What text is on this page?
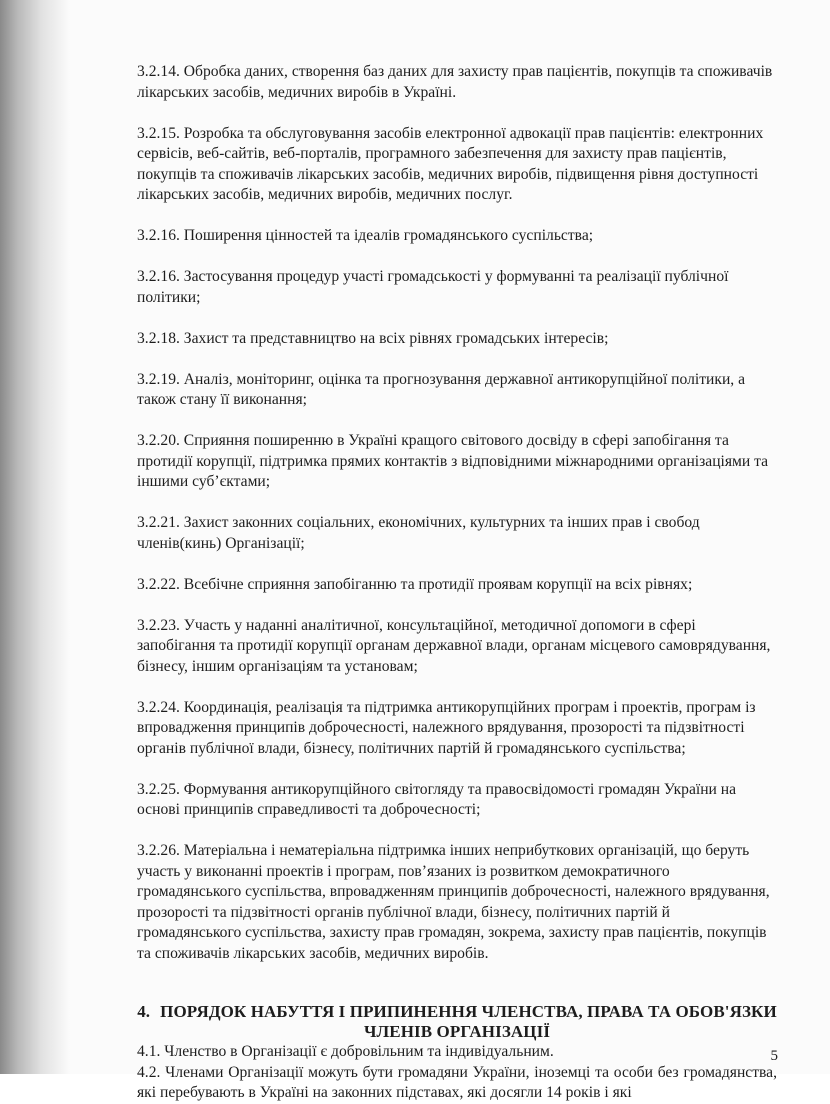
3.2.14. Обробка даних, створення баз даних для захисту прав пацієнтів, покупців та споживачів лікарських засобів, медичних виробів в Україні.

3.2.15. Розробка та обслуговування засобів електронної адвокації прав пацієнтів: електронних сервісів, веб-сайтів, веб-порталів, програмного забезпечення для захисту прав пацієнтів, покупців та споживачів лікарських засобів, медичних виробів, підвищення рівня доступності лікарських засобів, медичних виробів, медичних послуг.

3.2.16. Поширення цінностей та ідеалів громадянського суспільства;

3.2.16. Застосування процедур участі громадськості у формуванні та реалізації публічної політики;

3.2.18. Захист та представництво на всіх рівнях громадських інтересів;

3.2.19. Аналіз, моніторинг, оцінка та прогнозування державної антикорупційної політики, а також стану її виконання;

3.2.20. Сприяння поширенню в Україні кращого світового досвіду в сфері запобігання та протидії корупції, підтримка прямих контактів з відповідними міжнародними організаціями та іншими суб’єктами;

3.2.21. Захист законних соціальних, економічних, культурних та інших прав і свобод членів(кинь) Організації;

3.2.22. Всебічне сприяння запобіганню та протидії проявам корупції на всіх рівнях;

3.2.23. Участь у наданні аналітичної, консультаційної, методичної допомоги в сфері запобігання та протидії корупції органам державної влади, органам місцевого самоврядування, бізнесу, іншим організаціям та установам;

3.2.24. Координація, реалізація та підтримка антикорупційних програм і проектів, програм із впровадження принципів доброчесності, належного врядування, прозорості та підзвітності органів публічної влади, бізнесу, політичних партій й громадянського суспільства;

3.2.25. Формування антикорупційного світогляду та правосвідомості громадян України на основі принципів справедливості та доброчесності;

3.2.26. Матеріальна і нематеріальна підтримка інших неприбуткових організацій, що беруть участь у виконанні проектів і програм, пов’язаних із розвитком демократичного громадянського суспільства, впровадженням принципів доброчесності, належного врядування, прозорості та підзвітності органів публічної влади, бізнесу, політичних партій й громадянського суспільства, захисту прав громадян, зокрема, захисту прав пацієнтів, покупців та споживачів лікарських засобів, медичних виробів.

4. ПОРЯДОК НАБУТТЯ І ПРИПИНЕННЯ ЧЛЕНСТВА, ПРАВА ТА ОБОВ'ЯЗКИ ЧЛЕНІВ ОРГАНІЗАЦІЇ

4.1. Членство в Організації є добровільним та індивідуальним.

4.2. Членами Організації можуть бути громадяни України, іноземці та особи без громадянства, які перебувають в Україні на законних підставах, які досягли 14 років і які

5
